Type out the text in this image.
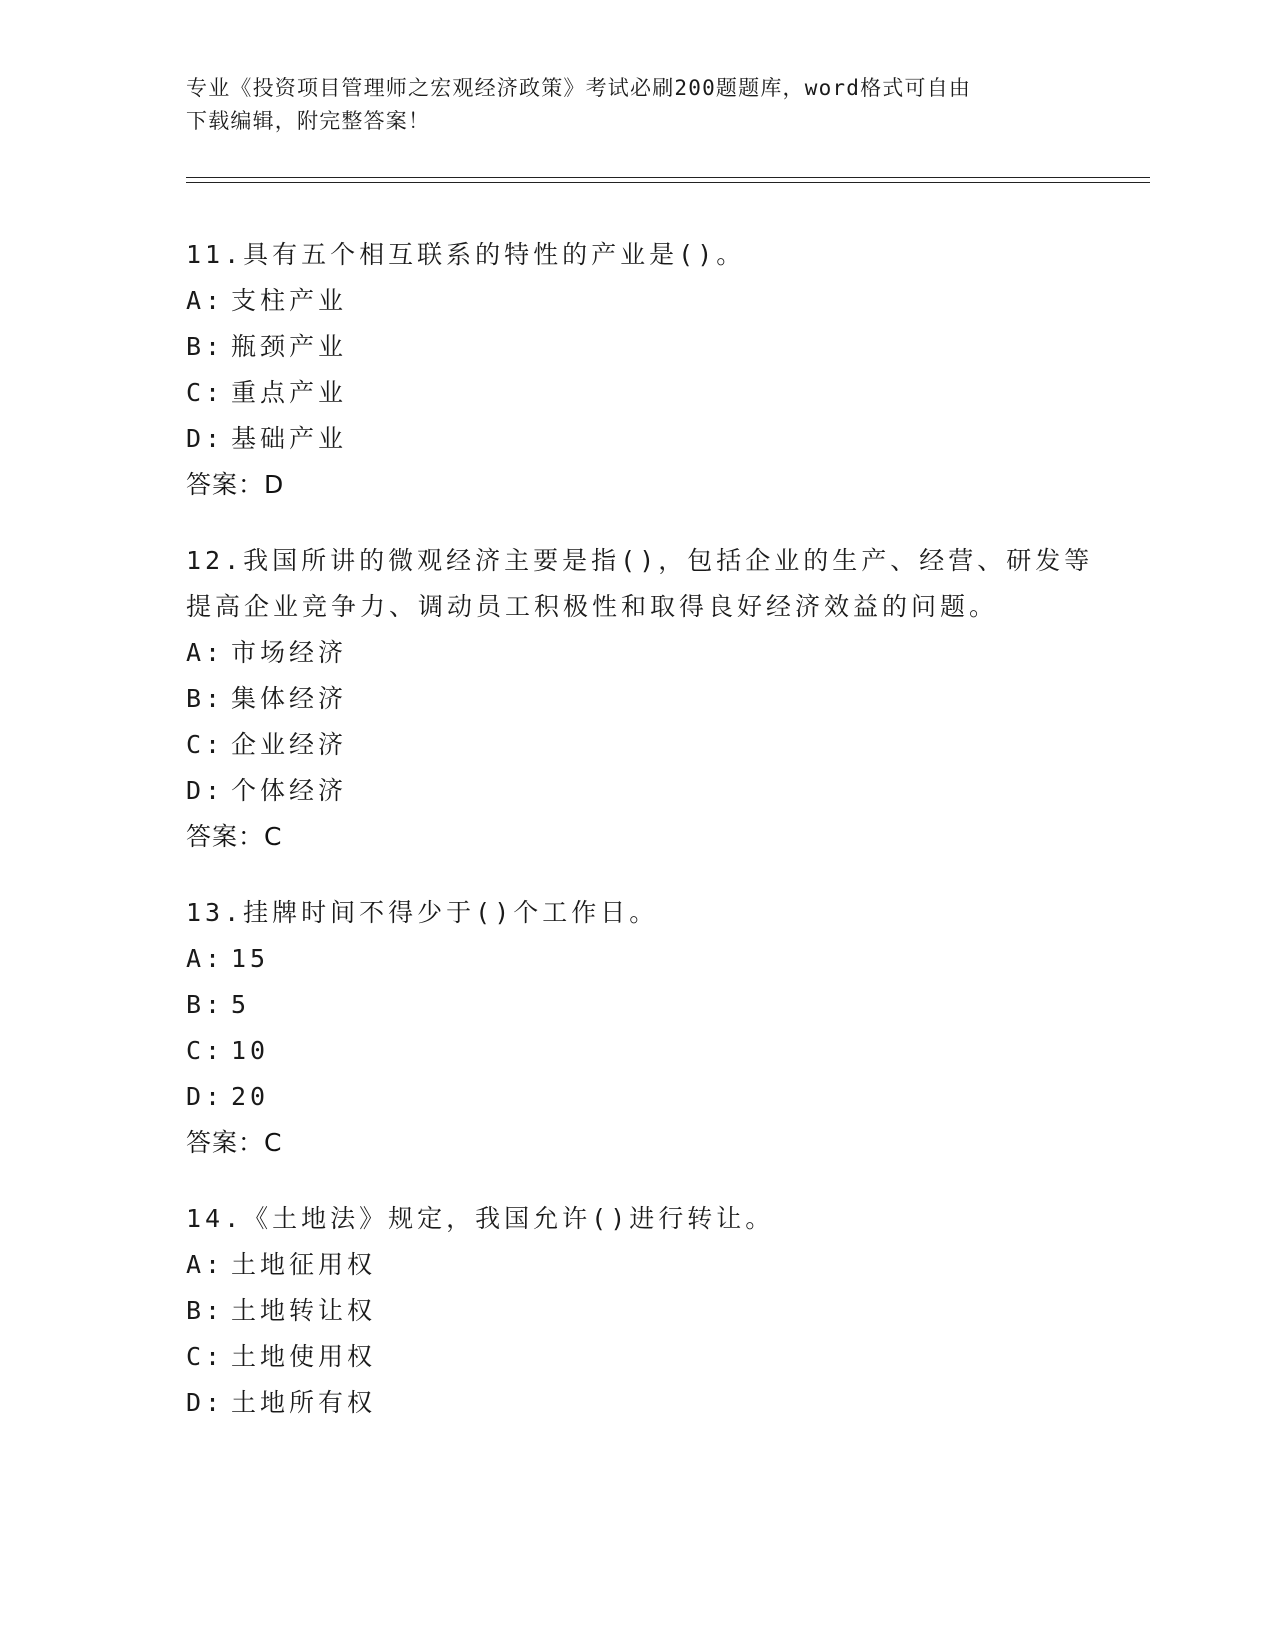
专业《投资项目管理师之宏观经济政策》考试必刷200题题库，word格式可自由
下载编辑，附完整答案！
11.具有五个相互联系的特性的产业是()。
A: 支柱产业
B: 瓶颈产业
C: 重点产业
D: 基础产业
答案：D
12.我国所讲的微观经济主要是指()，包括企业的生产、经营、研发等
提高企业竞争力、调动员工积极性和取得良好经济效益的问题。
A: 市场经济
B: 集体经济
C: 企业经济
D: 个体经济
答案：C
13.挂牌时间不得少于()个工作日。
A: 15
B: 5
C: 10
D: 20
答案：C
14.《土地法》规定，我国允许()进行转让。
A: 土地征用权
B: 土地转让权
C: 土地使用权
D: 土地所有权
